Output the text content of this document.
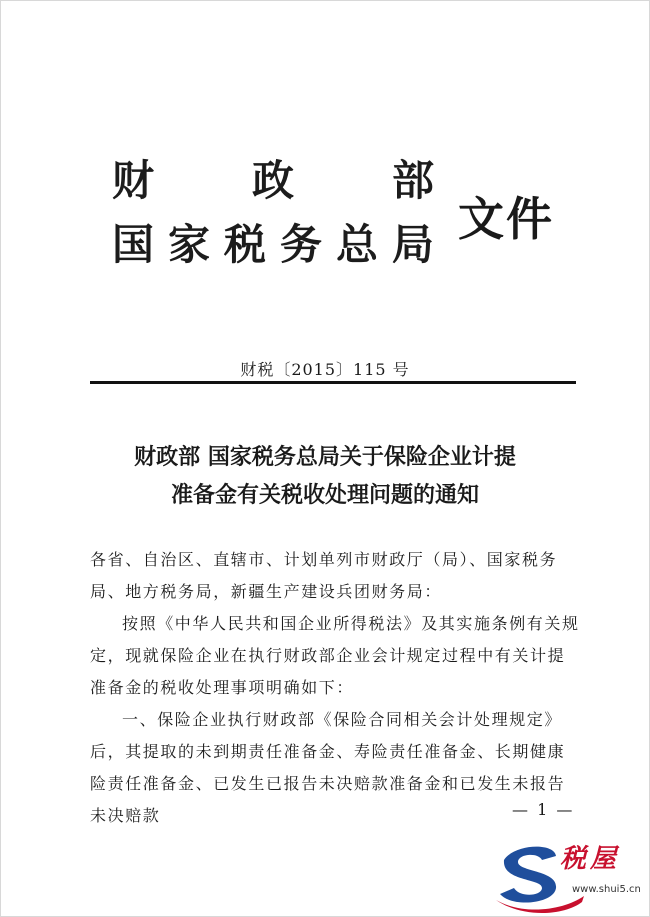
财 政 部
国 家 税 务 总 局 文件
财税〔2015〕115 号
财政部 国家税务总局关于保险企业计提
准备金有关税收处理问题的通知
各省、自治区、直辖市、计划单列市财政厅（局）、国家税务局、地方税务局，新疆生产建设兵团财务局：
按照《中华人民共和国企业所得税法》及其实施条例有关规定，现就保险企业在执行财政部企业会计规定过程中有关计提准备金的税收处理事项明确如下：
一、保险企业执行财政部《保险合同相关会计处理规定》后，其提取的未到期责任准备金、寿险责任准备金、长期健康险责任准备金、已发生已报告未决赔款准备金和已发生未报告未决赔款	— 1 —
税屋
www.shui5.cn
